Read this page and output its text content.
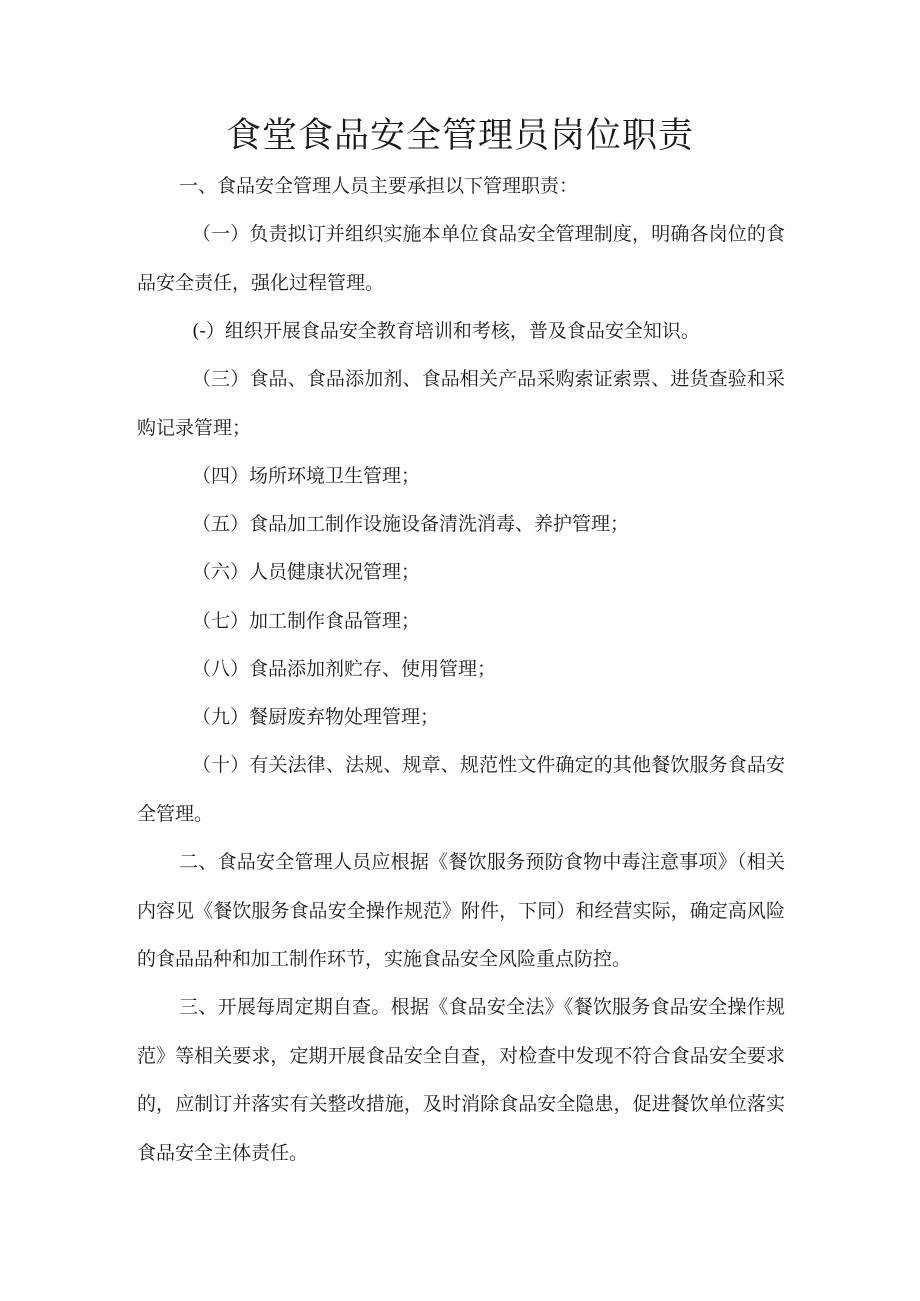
食堂食品安全管理员岗位职责

一、食品安全管理人员主要承担以下管理职责：

（一）负责拟订并组织实施本单位食品安全管理制度，明确各岗位的食品安全责任，强化过程管理。

(-）组织开展食品安全教育培训和考核，普及食品安全知识。

（三）食品、食品添加剂、食品相关产品采购索证索票、进货查验和采购记录管理；

（四）场所环境卫生管理；

（五）食品加工制作设施设备清洗消毒、养护管理；

（六）人员健康状况管理；

（七）加工制作食品管理；

（八）食品添加剂贮存、使用管理；

（九）餐厨废弃物处理管理；

（十）有关法律、法规、规章、规范性文件确定的其他餐饮服务食品安全管理。

二、食品安全管理人员应根据《餐饮服务预防食物中毒注意事项》（相关内容见《餐饮服务食品安全操作规范》附件，下同）和经营实际，确定高风险的食品品种和加工制作环节，实施食品安全风险重点防控。

三、开展每周定期自查。根据《食品安全法》《餐饮服务食品安全操作规范》等相关要求，定期开展食品安全自查，对检查中发现不符合食品安全要求的，应制订并落实有关整改措施，及时消除食品安全隐患，促进餐饮单位落实食品安全主体责任。
